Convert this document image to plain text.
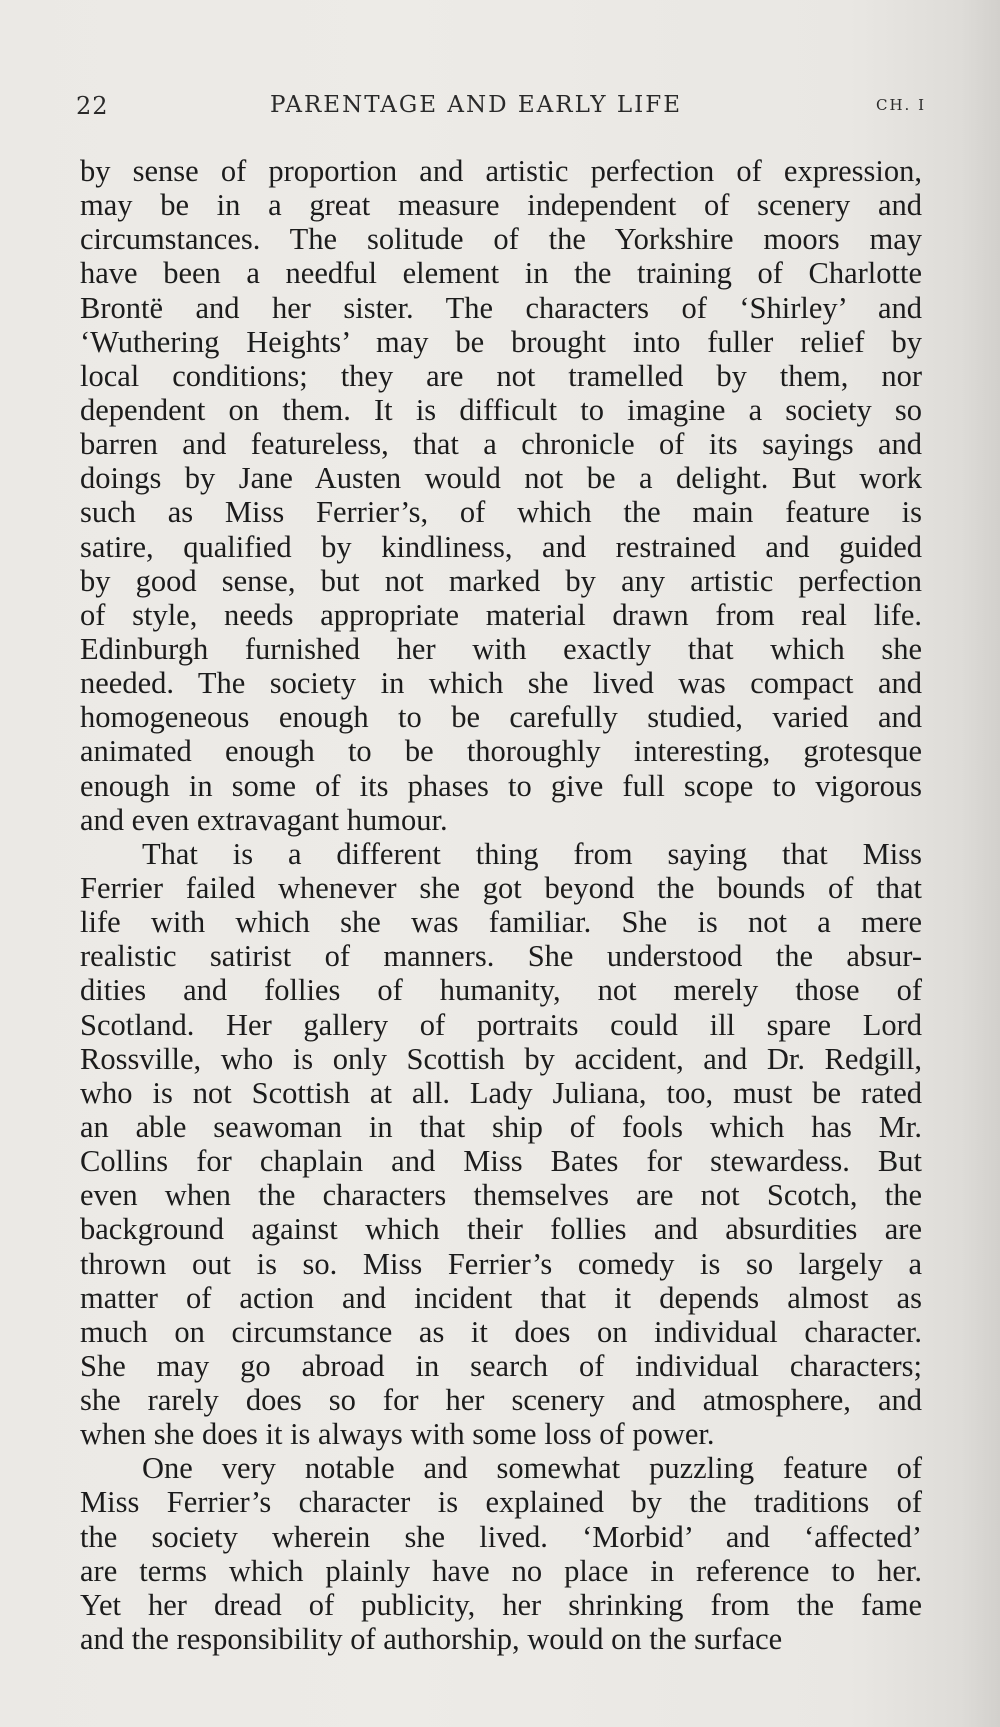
22	PARENTAGE AND EARLY LIFE	CH. I
by sense of proportion and artistic perfection of expression,
may be in a great measure independent of scenery and
circumstances. The solitude of the Yorkshire moors may
have been a needful element in the training of Charlotte
Brontë and her sister. The characters of ‘Shirley’ and
‘Wuthering Heights’ may be brought into fuller relief by
local conditions; they are not tramelled by them, nor
dependent on them. It is difficult to imagine a society so
barren and featureless, that a chronicle of its sayings and
doings by Jane Austen would not be a delight. But work
such as Miss Ferrier’s, of which the main feature is
satire, qualified by kindliness, and restrained and guided
by good sense, but not marked by any artistic perfection
of style, needs appropriate material drawn from real life.
Edinburgh furnished her with exactly that which she
needed. The society in which she lived was compact and
homogeneous enough to be carefully studied, varied and
animated enough to be thoroughly interesting, grotesque
enough in some of its phases to give full scope to vigorous
and even extravagant humour.
That is a different thing from saying that Miss
Ferrier failed whenever she got beyond the bounds of that
life with which she was familiar. She is not a mere
realistic satirist of manners. She understood the absur-
dities and follies of humanity, not merely those of
Scotland. Her gallery of portraits could ill spare Lord
Rossville, who is only Scottish by accident, and Dr. Redgill,
who is not Scottish at all. Lady Juliana, too, must be rated
an able seawoman in that ship of fools which has Mr.
Collins for chaplain and Miss Bates for stewardess. But
even when the characters themselves are not Scotch, the
background against which their follies and absurdities are
thrown out is so. Miss Ferrier’s comedy is so largely a
matter of action and incident that it depends almost as
much on circumstance as it does on individual character.
She may go abroad in search of individual characters;
she rarely does so for her scenery and atmosphere, and
when she does it is always with some loss of power.
One very notable and somewhat puzzling feature of
Miss Ferrier’s character is explained by the traditions of
the society wherein she lived. ‘Morbid’ and ‘affected’
are terms which plainly have no place in reference to her.
Yet her dread of publicity, her shrinking from the fame
and the responsibility of authorship, would on the surface
